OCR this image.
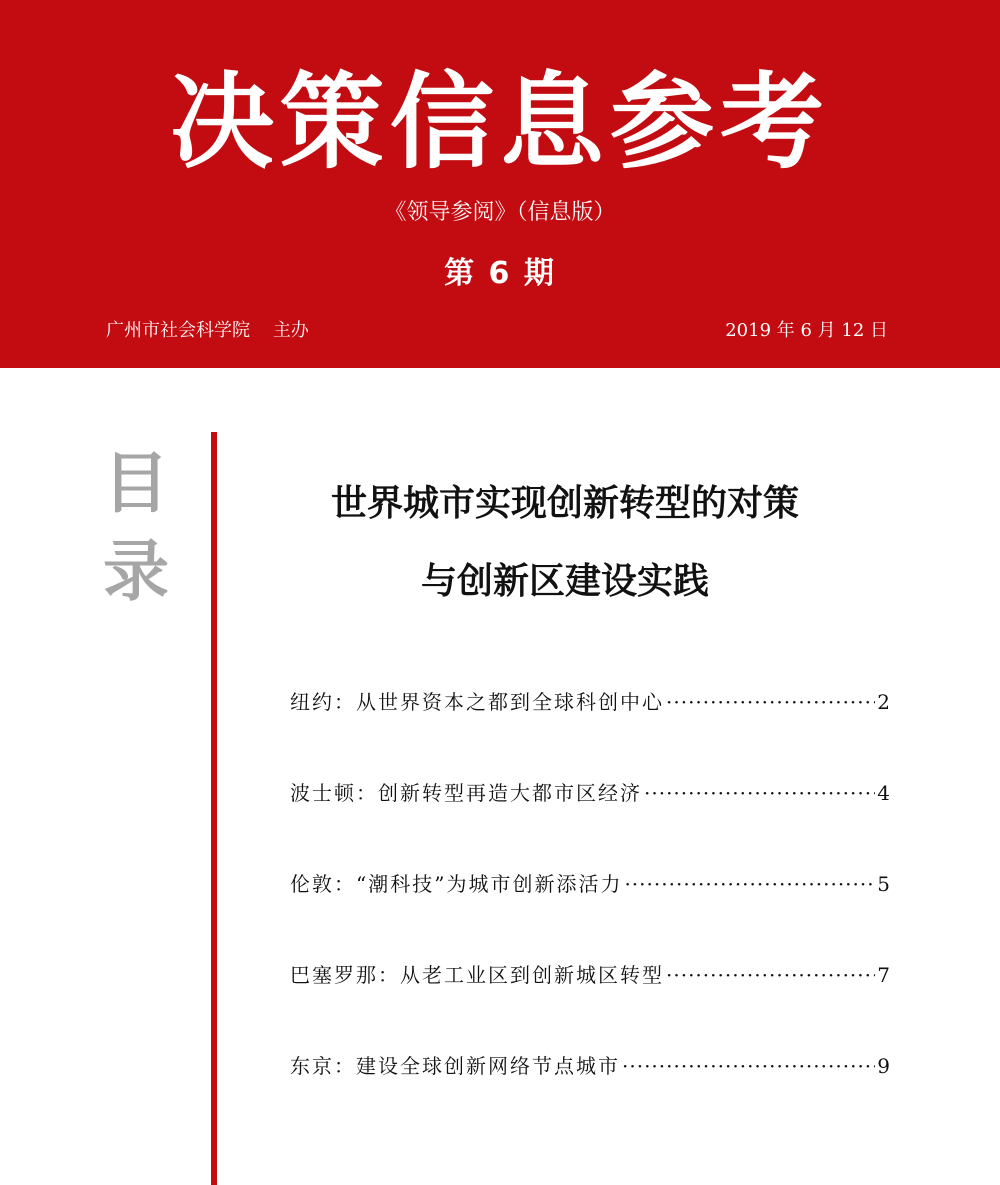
决策信息参考
《领导参阅》（信息版）
第 6 期
广州市社会科学院    主办	2019 年 6 月 12 日
目
录
世界城市实现创新转型的对策
与创新区建设实践
纽约：从世界资本之都到全球科创中心 ·····	2
波士顿：创新转型再造大都市区经济 ·····	4
伦敦：“潮科技”为城市创新添活力 ·····	5
巴塞罗那：从老工业区到创新城区转型 ·····	7
东京：建设全球创新网络节点城市 ·····	9
